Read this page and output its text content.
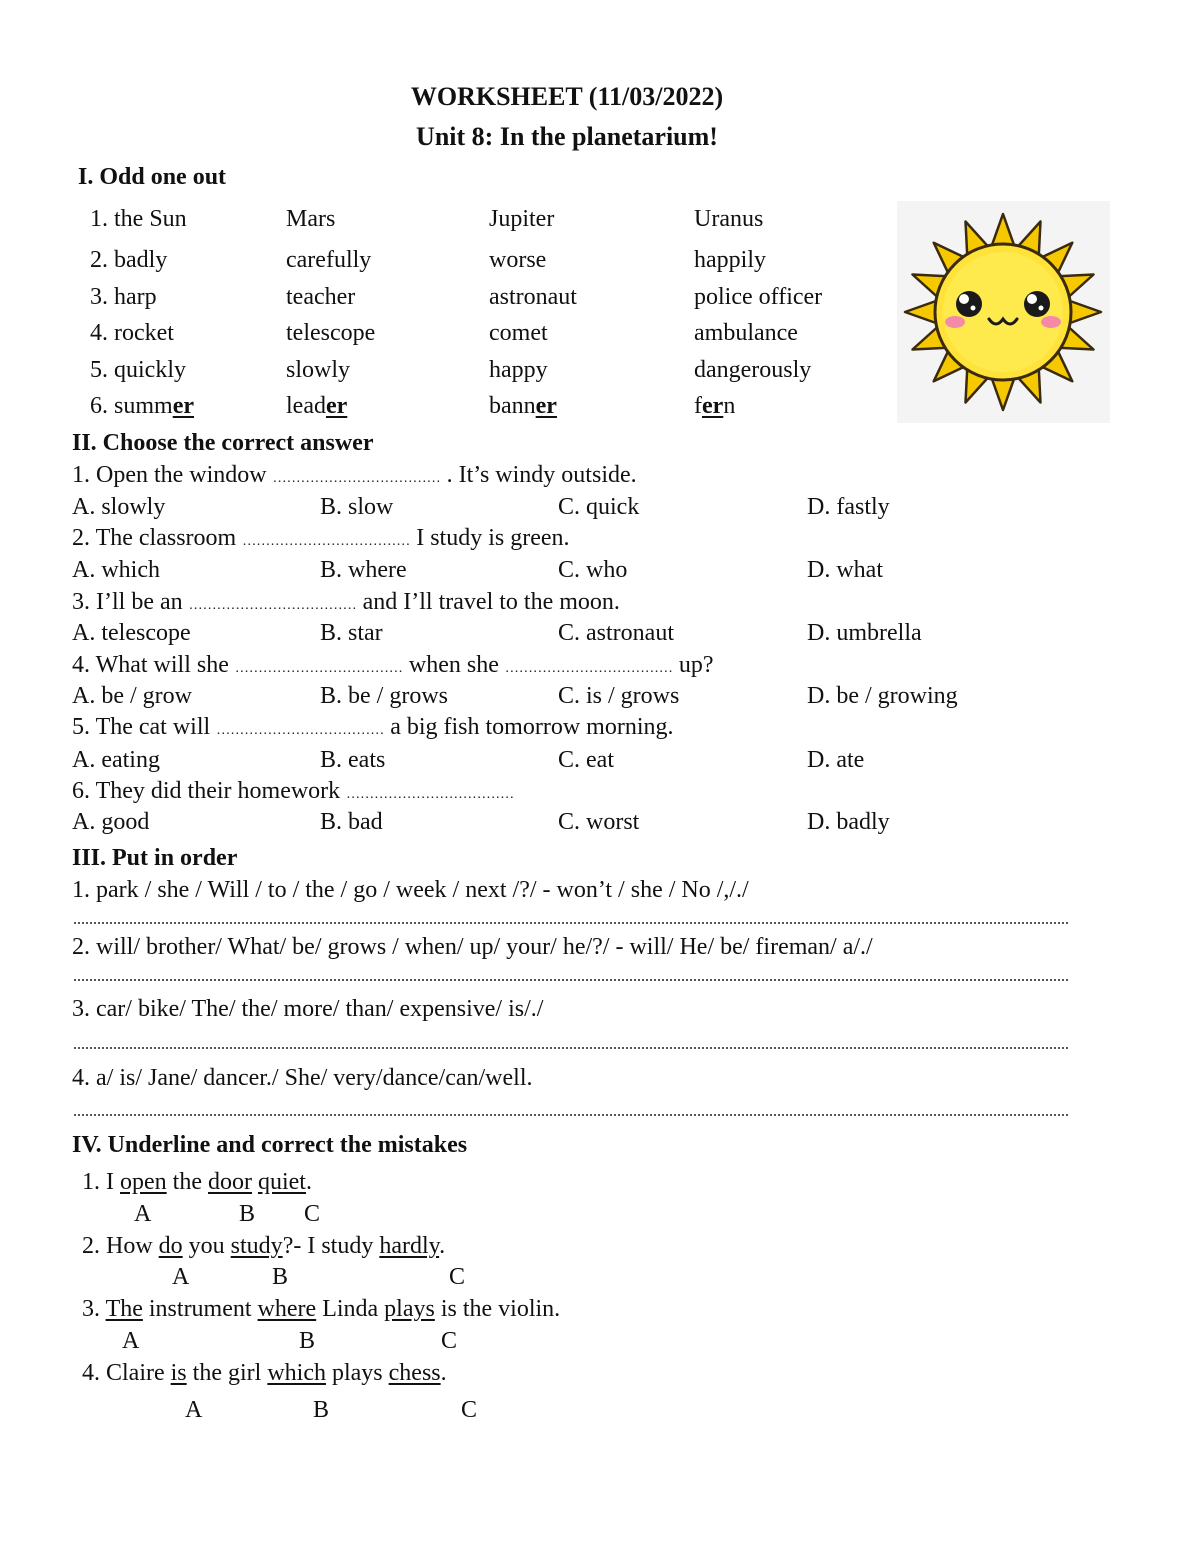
WORKSHEET (11/03/2022)
Unit 8: In the planetarium!
I. Odd one out
1. the Sun	Mars	Jupiter	Uranus
2. badly	carefully	worse	happily
3. harp	teacher	astronaut	police officer
4. rocket	telescope	comet	ambulance
5. quickly	slowly	happy	dangerously
6. summer	leader	banner	fern
II. Choose the correct answer
1. Open the window ……………………………… . It’s windy outside.
A. slowly	B. slow	C. quick	D. fastly
2. The classroom ……………………………… I study is green.
A. which	B. where	C. who	D. what
3. I’ll be an ……………………………… and I’ll travel to the moon.
A. telescope	B. star	C. astronaut	D. umbrella
4. What will she ……………………………… when she ……………………………… up?
A. be / grow	B. be / grows	C. is / grows	D. be / growing
5. The cat will ……………………………… a big fish tomorrow morning.
A. eating	B. eats	C. eat	D. ate
6. They did their homework ………………………………
A. good	B. bad	C. worst	D. badly
III. Put in order
1. park / she / Will / to / the / go / week / next /?/ - won’t / she / No /,/./
2. will/ brother/ What/ be/ grows / when/ up/ your/ he/?/ - will/ He/ be/ fireman/ a/./
3. car/ bike/ The/ the/ more/ than/ expensive/ is/./
4. a/ is/ Jane/ dancer./ She/ very/dance/can/well.
IV. Underline and correct the mistakes
1. I open the door quiet.
A	B C
2. How do you study?- I study hardly.
A	B	C
3. The instrument where Linda plays is the violin.
A	B	C
4. Claire is the girl which plays chess.
A	B	C
